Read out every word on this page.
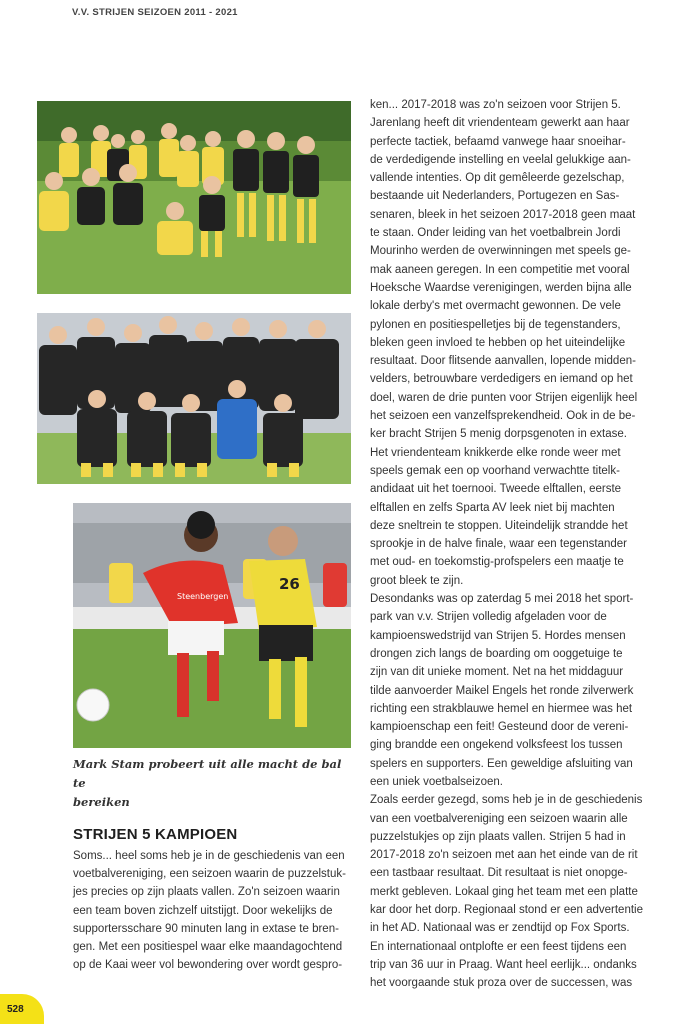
V.V. STRIJEN SEIZOEN 2011 - 2021
Steenbergen
26
Mark Stam probeert uit alle macht de bal te
bereiken
STRIJEN 5 KAMPIOEN
Soms... heel soms heb je in de geschiedenis van een
voetbalvereniging, een seizoen waarin de puzzelstuk-
jes precies op zijn plaats vallen. Zo'n seizoen waarin
een team boven zichzelf uitstijgt. Door wekelijks de
supportersschare 90 minuten lang in extase te bren-
gen. Met een positiespel waar elke maandagochtend
op de Kaai weer vol bewondering over wordt gespro-
ken... 2017-2018 was zo'n seizoen voor Strijen 5.
Jarenlang heeft dit vriendenteam gewerkt aan haar
perfecte tactiek, befaamd vanwege haar snoeihar-
de verdedigende instelling en veelal gelukkige aan-
vallende intenties. Op dit gemêleerde gezelschap,
bestaande uit Nederlanders, Portugezen en Sas-
senaren, bleek in het seizoen 2017-2018 geen maat
te staan. Onder leiding van het voetbalbrein Jordi
Mourinho werden de overwinningen met speels ge-
mak aaneen geregen. In een competitie met vooral
Hoeksche Waardse verenigingen, werden bijna alle
lokale derby's met overmacht gewonnen. De vele
pylonen en positiespelletjes bij de tegenstanders,
bleken geen invloed te hebben op het uiteindelijke
resultaat. Door flitsende aanvallen, lopende midden-
velders, betrouwbare verdedigers en iemand op het
doel, waren de drie punten voor Strijen eigenlijk heel
het seizoen een vanzelfsprekendheid. Ook in de be-
ker bracht Strijen 5 menig dorpsgenoten in extase.
Het vriendenteam knikkerde elke ronde weer met
speels gemak een op voorhand verwachtte titelk-
andidaat uit het toernooi. Tweede elftallen, eerste
elftallen en zelfs Sparta AV leek niet bij machten
deze sneltrein te stoppen. Uiteindelijk strandde het
sprookje in de halve finale, waar een tegenstander
met oud- en toekomstig-profspelers een maatje te
groot bleek te zijn.
Desondanks was op zaterdag 5 mei 2018 het sport-
park van v.v. Strijen volledig afgeladen voor de
kampioenswedstrijd van Strijen 5. Hordes mensen
drongen zich langs de boarding om ooggetuige te
zijn van dit unieke moment. Net na het middaguur
tilde aanvoerder Maikel Engels het ronde zilverwerk
richting een strakblauwe hemel en hiermee was het
kampioenschap een feit! Gesteund door de vereni-
ging brandde een ongekend volksfeest los tussen
spelers en supporters. Een geweldige afsluiting van
een uniek voetbalseizoen.
Zoals eerder gezegd, soms heb je in de geschiedenis
van een voetbalvereniging een seizoen waarin alle
puzzelstukjes op zijn plaats vallen. Strijen 5 had in
2017-2018 zo'n seizoen met aan het einde van de rit
een tastbaar resultaat. Dit resultaat is niet onopge-
merkt gebleven. Lokaal ging het team met een platte
kar door het dorp. Regionaal stond er een advertentie
in het AD. Nationaal was er zendtijd op Fox Sports.
En internationaal ontplofte er een feest tijdens een
trip van 36 uur in Praag. Want heel eerlijk... ondanks
het voorgaande stuk proza over de successen, was
528
